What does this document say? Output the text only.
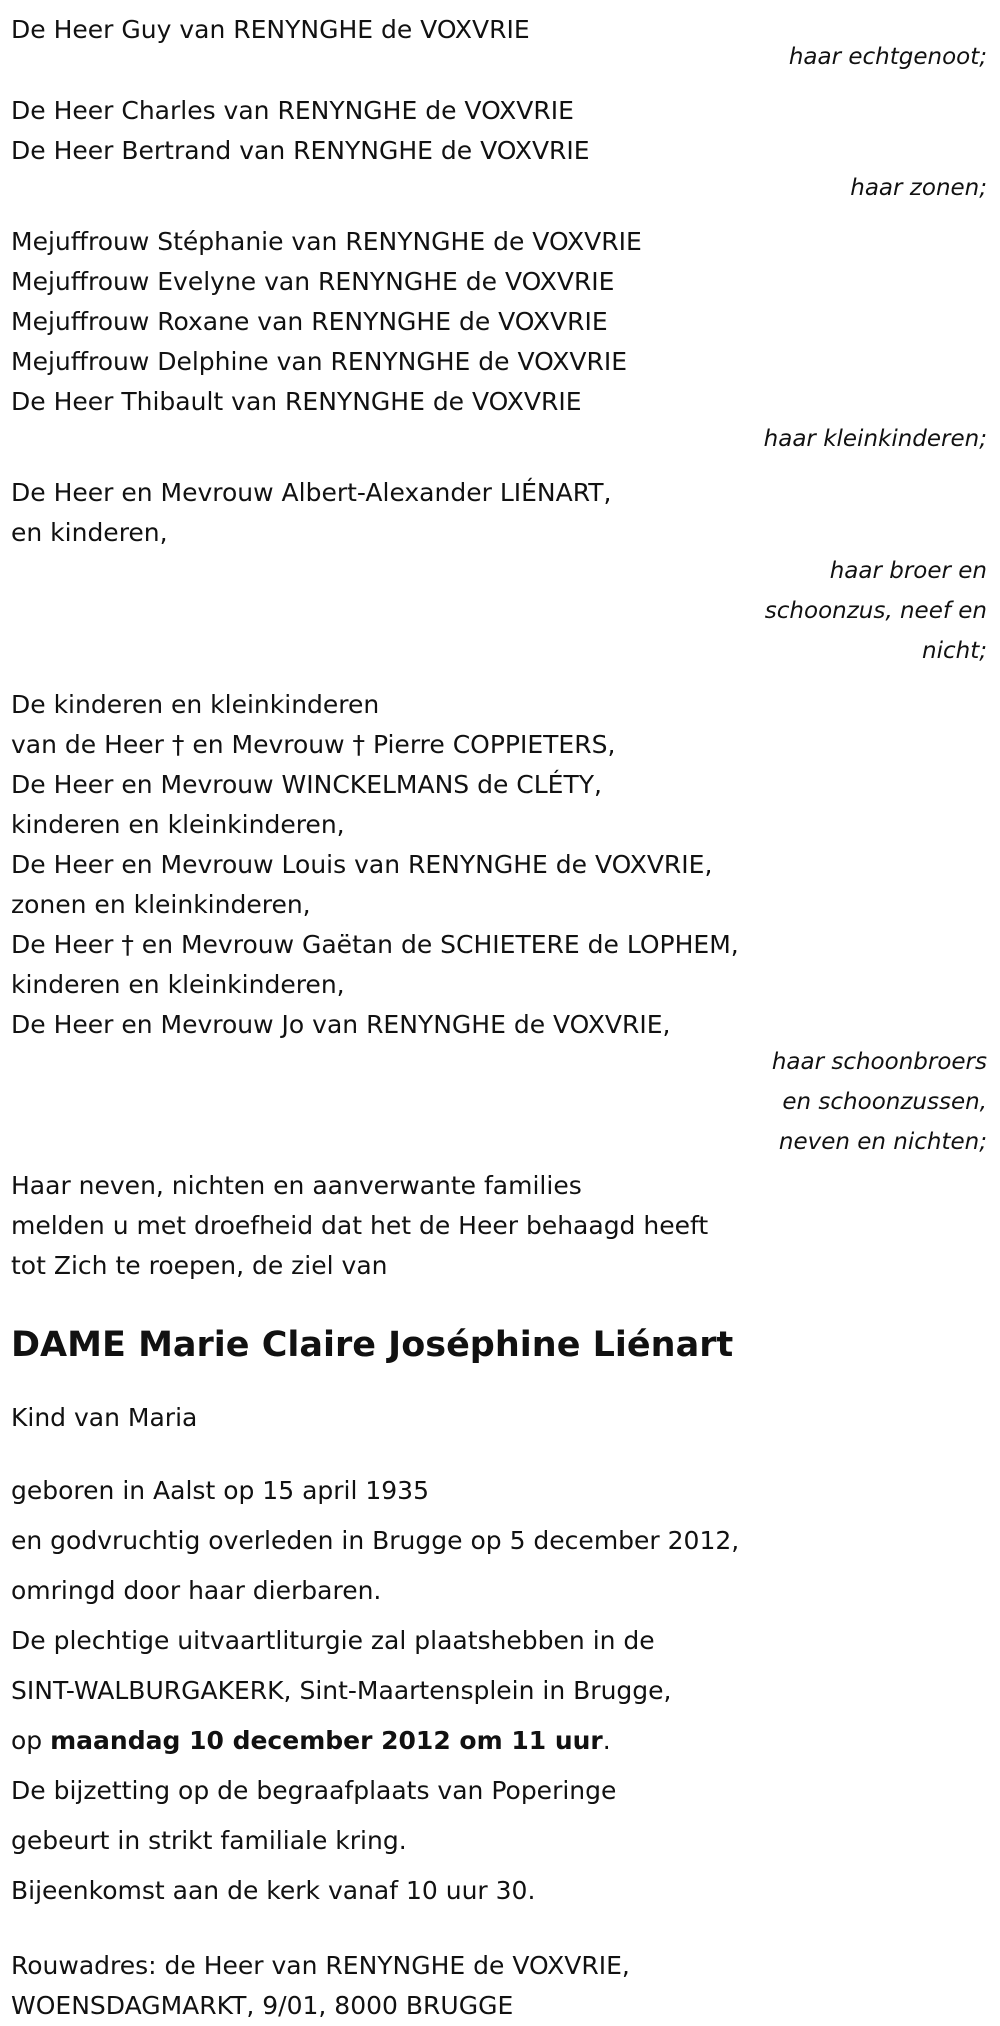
De Heer Guy van RENYNGHE de VOXVRIE
haar echtgenoot;
De Heer Charles van RENYNGHE de VOXVRIE
De Heer Bertrand van RENYNGHE de VOXVRIE
haar zonen;
Mejuffrouw Stéphanie van RENYNGHE de VOXVRIE
Mejuffrouw Evelyne van RENYNGHE de VOXVRIE
Mejuffrouw Roxane van RENYNGHE de VOXVRIE
Mejuffrouw Delphine van RENYNGHE de VOXVRIE
De Heer Thibault van RENYNGHE de VOXVRIE
haar kleinkinderen;
De Heer en Mevrouw Albert-Alexander LIÉNART,
en kinderen,
haar broer en
schoonzus, neef en
nicht;
De kinderen en kleinkinderen
van de Heer † en Mevrouw † Pierre COPPIETERS,
De Heer en Mevrouw WINCKELMANS de CLÉTY,
kinderen en kleinkinderen,
De Heer en Mevrouw Louis van RENYNGHE de VOXVRIE,
zonen en kleinkinderen,
De Heer † en Mevrouw Gaëtan de SCHIETERE de LOPHEM,
kinderen en kleinkinderen,
De Heer en Mevrouw Jo van RENYNGHE de VOXVRIE,
haar schoonbroers
en schoonzussen,
neven en nichten;
Haar neven, nichten en aanverwante families
melden u met droefheid dat het de Heer behaagd heeft
tot Zich te roepen, de ziel van
DAME Marie Claire Joséphine Liénart
Kind van Maria
geboren in Aalst op 15 april 1935
en godvruchtig overleden in Brugge op 5 december 2012,
omringd door haar dierbaren.
De plechtige uitvaartliturgie zal plaatshebben in de
SINT-WALBURGAKERK, Sint-Maartensplein in Brugge,
op maandag 10 december 2012 om 11 uur.
De bijzetting op de begraafplaats van Poperinge
gebeurt in strikt familiale kring.
Bijeenkomst aan de kerk vanaf 10 uur 30.
Rouwadres: de Heer van RENYNGHE de VOXVRIE,
WOENSDAGMARKT, 9/01, 8000 BRUGGE
